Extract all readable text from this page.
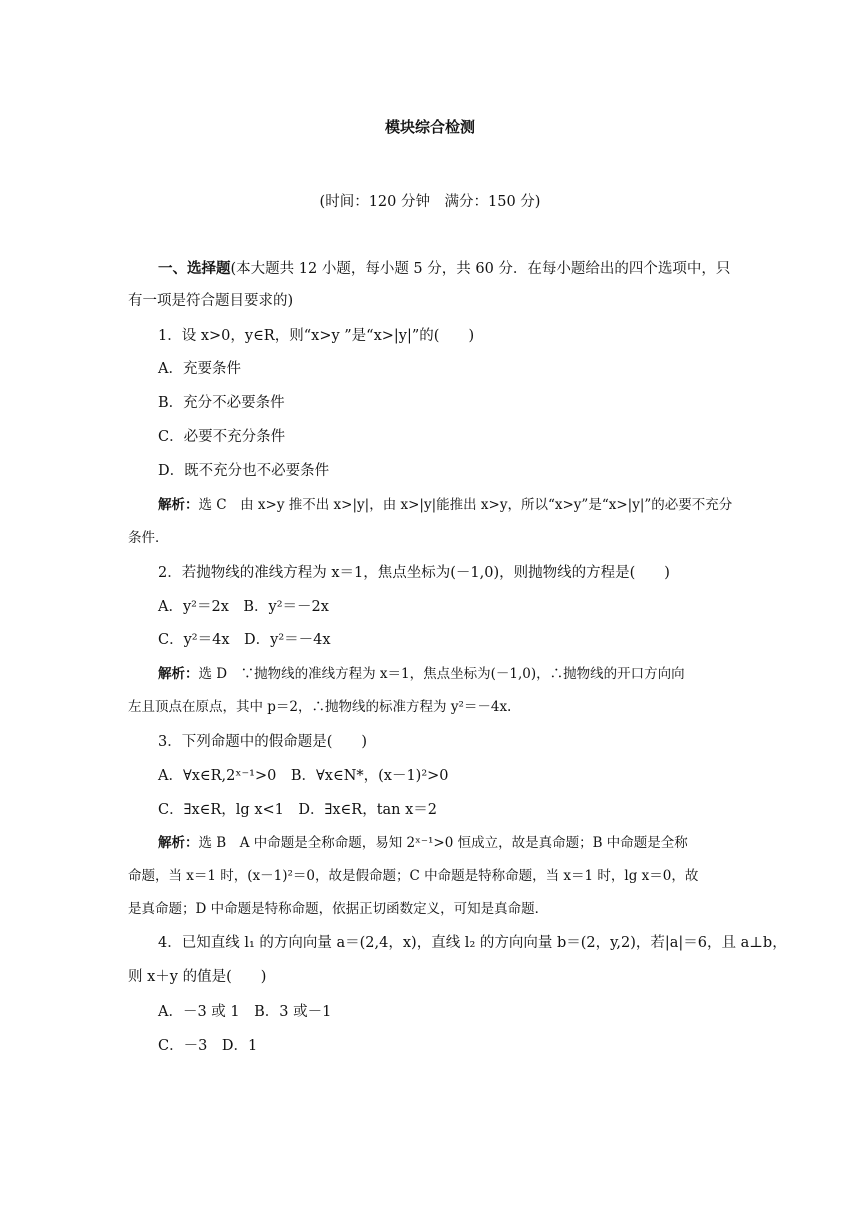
模块综合检测
(时间：120 分钟　满分：150 分)
一、选择题(本大题共 12 小题，每小题 5 分，共 60 分．在每小题给出的四个选项中，只
有一项是符合题目要求的)
1．设 x>0，y∈R，则“x>y ”是“x>|y|”的(　　)
A．充要条件
B．充分不必要条件
C．必要不充分条件
D．既不充分也不必要条件
解析：选 C　由 x>y 推不出 x>|y|，由 x>|y|能推出 x>y，所以“x>y”是“x>|y|”的必要不充分
条件．
2．若抛物线的准线方程为 x＝1，焦点坐标为(－1,0)，则抛物线的方程是(　　)
A．y²＝2x　B．y²＝－2x
C．y²＝4x　D．y²＝－4x
解析：选 D　∵抛物线的准线方程为 x＝1，焦点坐标为(－1,0)，∴抛物线的开口方向向
左且顶点在原点，其中 p＝2，∴抛物线的标准方程为 y²＝－4x.
3．下列命题中的假命题是(　　)
A．∀x∈R,2ˣ⁻¹>0　B．∀x∈N*，(x－1)²>0
C．∃x∈R，lg x<1　D．∃x∈R，tan x＝2
解析：选 B　A 中命题是全称命题，易知 2ˣ⁻¹>0 恒成立，故是真命题；B 中命题是全称
命题，当 x＝1 时，(x－1)²＝0，故是假命题；C 中命题是特称命题，当 x＝1 时，lg x＝0，故
是真命题；D 中命题是特称命题，依据正切函数定义，可知是真命题．
4．已知直线 l₁ 的方向向量 a＝(2,4，x)，直线 l₂ 的方向向量 b＝(2，y,2)，若|a|＝6，且 a⊥b，
则 x＋y 的值是(　　)
A．－3 或 1　B．3 或－1
C．－3　D．1
